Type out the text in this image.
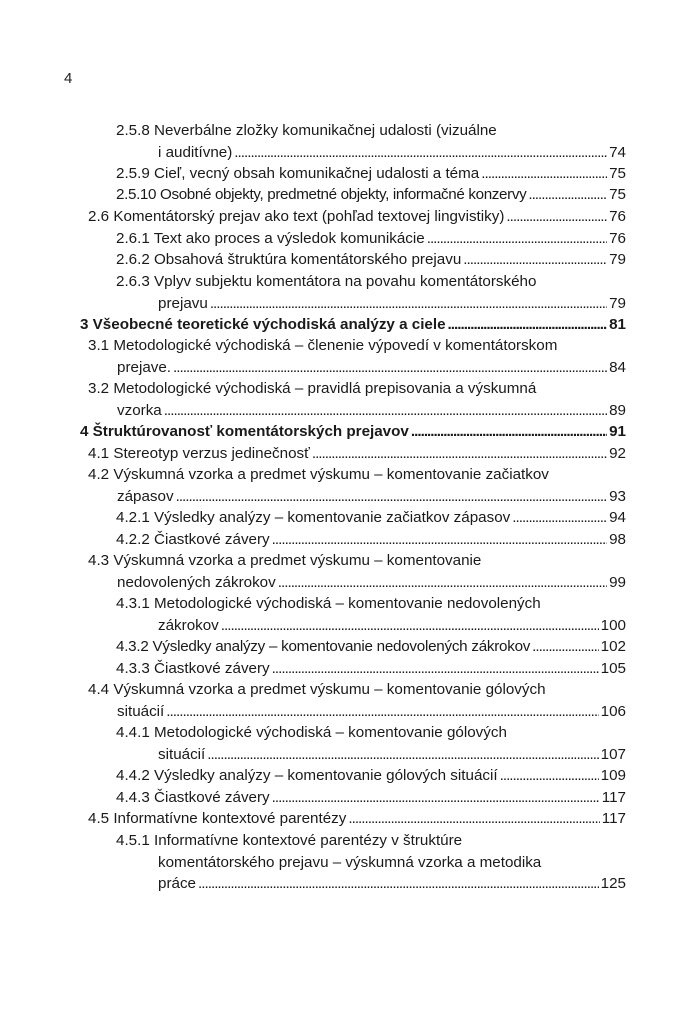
4
2.5.8 Neverbálne zložky komunikačnej udalosti (vizuálne
i auditívne) . . .	74
2.5.9 Cieľ, vecný obsah komunikačnej udalosti a téma . . .	75
2.5.10 Osobné objekty, predmetné objekty, informačné konzervy . . .	75
2.6 Komentátorský prejav ako text (pohľad textovej lingvistiky) . . .	76
2.6.1 Text ako proces a výsledok komunikácie . . .	76
2.6.2 Obsahová štruktúra komentátorského prejavu . . .	79
2.6.3 Vplyv subjektu komentátora na povahu komentátorského
prejavu . . .	79
3 Všeobecné teoretické východiská analýzy a ciele . . .	81
3.1 Metodologické východiská – členenie výpovedí v komentátorskom
prejave. . . .	84
3.2 Metodologické východiská – pravidlá prepisovania a výskumná
vzorka . . .	89
4 Štruktúrovanosť komentátorských prejavov . . .	91
4.1 Stereotyp verzus jedinečnosť . . .	92
4.2 Výskumná vzorka a predmet výskumu – komentovanie začiatkov
zápasov . . .	93
4.2.1 Výsledky analýzy – komentovanie začiatkov zápasov . . .	94
4.2.2 Čiastkové závery . . .	98
4.3 Výskumná vzorka a predmet výskumu – komentovanie
nedovolených zákrokov . . .	99
4.3.1 Metodologické východiská – komentovanie nedovolených
zákrokov . . .	100
4.3.2 Výsledky analýzy – komentovanie nedovolených zákrokov . . .	102
4.3.3 Čiastkové závery . . .	105
4.4 Výskumná vzorka a predmet výskumu – komentovanie gólových
situácií . . .	106
4.4.1 Metodologické východiská – komentovanie gólových
situácií . . .	107
4.4.2 Výsledky analýzy – komentovanie gólových situácií . . .	109
4.4.3 Čiastkové závery . . .	117
4.5 Informatívne kontextové parentézy . . .	117
4.5.1 Informatívne kontextové parentézy v štruktúre
komentátorského prejavu – výskumná vzorka a metodika
práce . . .	125
